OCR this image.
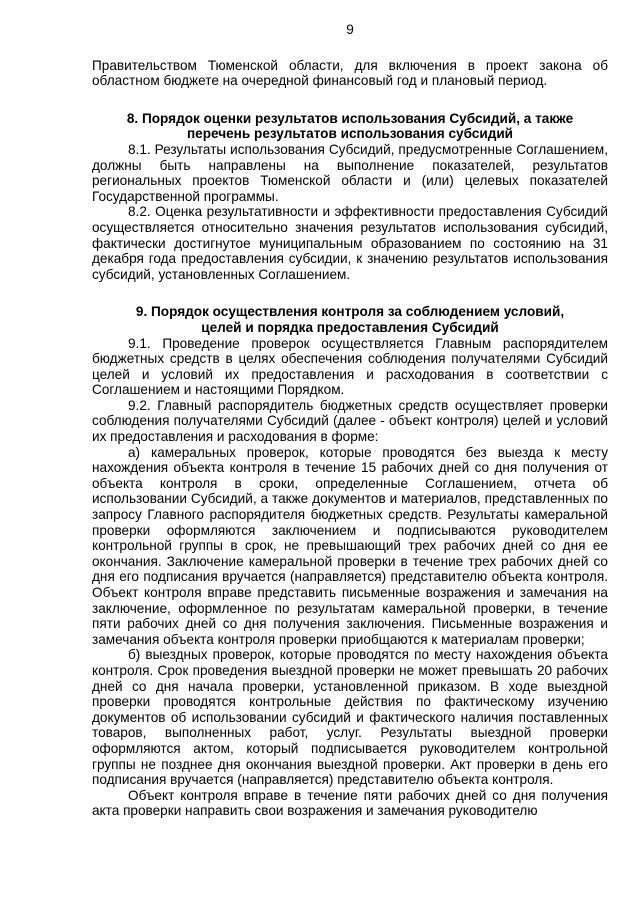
9

Правительством Тюменской области, для включения в проект закона об областном бюджете на очередной финансовый год и плановый период.

8. Порядок оценки результатов использования Субсидий, а также
перечень результатов использования субсидий

8.1. Результаты использования Субсидий, предусмотренные Соглашением, должны быть направлены на выполнение показателей, результатов региональных проектов Тюменской области и (или) целевых показателей Государственной программы.

8.2. Оценка результативности и эффективности предоставления Субсидий осуществляется относительно значения результатов использования субсидий, фактически достигнутое муниципальным образованием по состоянию на 31 декабря года предоставления субсидии, к значению результатов использования субсидий, установленных Соглашением.

9. Порядок осуществления контроля за соблюдением условий,
целей и порядка предоставления Субсидий

9.1. Проведение проверок осуществляется Главным распорядителем бюджетных средств в целях обеспечения соблюдения получателями Субсидий целей и условий их предоставления и расходования в соответствии с Соглашением и настоящими Порядком.

9.2. Главный распорядитель бюджетных средств осуществляет проверки соблюдения получателями Субсидий (далее - объект контроля) целей и условий их предоставления и расходования в форме:

а) камеральных проверок, которые проводятся без выезда к месту нахождения объекта контроля в течение 15 рабочих дней со дня получения от объекта контроля в сроки, определенные Соглашением, отчета об использовании Субсидий, а также документов и материалов, представленных по запросу Главного распорядителя бюджетных средств. Результаты камеральной проверки оформляются заключением и подписываются руководителем контрольной группы в срок, не превышающий трех рабочих дней со дня ее окончания. Заключение камеральной проверки в течение трех рабочих дней со дня его подписания вручается (направляется) представителю объекта контроля. Объект контроля вправе представить письменные возражения и замечания на заключение, оформленное по результатам камеральной проверки, в течение пяти рабочих дней со дня получения заключения. Письменные возражения и замечания объекта контроля проверки приобщаются к материалам проверки;

б) выездных проверок, которые проводятся по месту нахождения объекта контроля. Срок проведения выездной проверки не может превышать 20 рабочих дней со дня начала проверки, установленной приказом. В ходе выездной проверки проводятся контрольные действия по фактическому изучению документов об использовании субсидий и фактического наличия поставленных товаров, выполненных работ, услуг. Результаты выездной проверки оформляются актом, который подписывается руководителем контрольной группы не позднее дня окончания выездной проверки. Акт проверки в день его подписания вручается (направляется) представителю объекта контроля.

Объект контроля вправе в течение пяти рабочих дней со дня получения акта проверки направить свои возражения и замечания руководителю
